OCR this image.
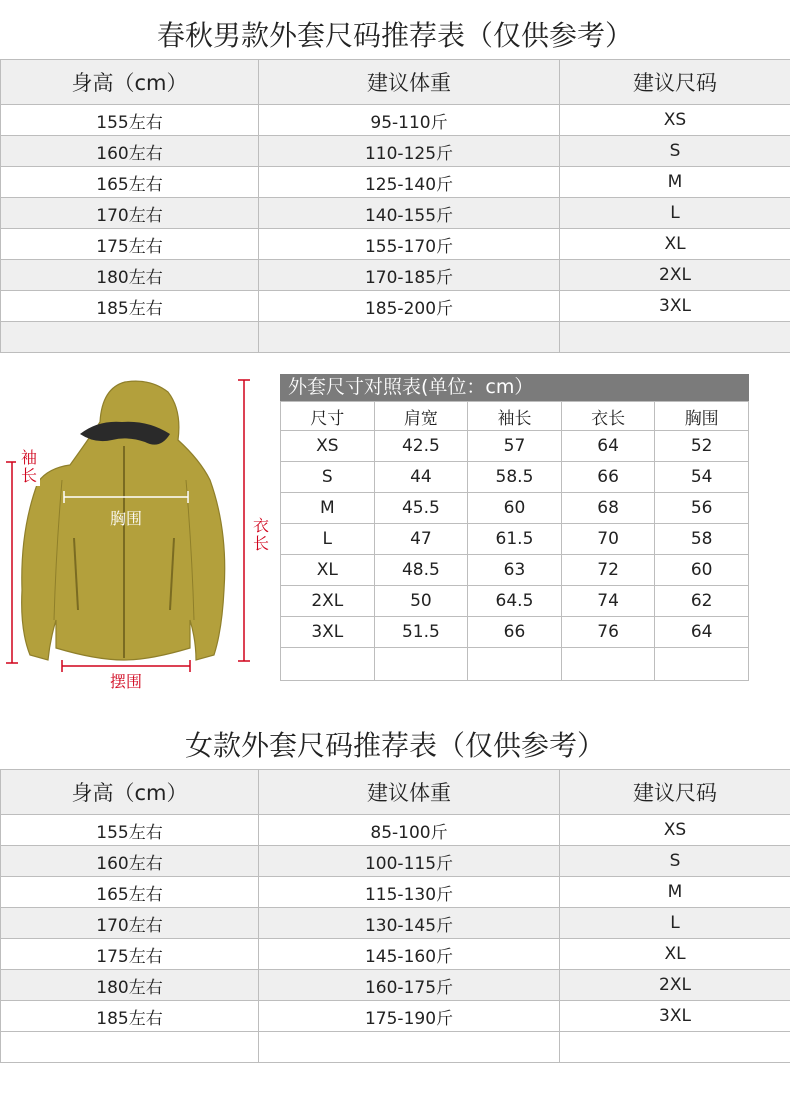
春秋男款外套尺码推荐表（仅供参考）
身高（cm）	建议体重	建议尺码
155左右	95-110斤	XS
160左右	110-125斤	S
165左右	125-140斤	M
170左右	140-155斤	L
175左右	155-170斤	XL
180左右	170-185斤	2XL
185左右	185-200斤	3XL

袖长
衣长
胸围
摆围
外套尺寸对照表(单位：cm）
尺寸	肩宽	袖长	衣长	胸围
XS	42.5	57	64	52
S	44	58.5	66	54
M	45.5	60	68	56
L	47	61.5	70	58
XL	48.5	63	72	60
2XL	50	64.5	74	62
3XL	51.5	66	76	64

女款外套尺码推荐表（仅供参考）
身高（cm）	建议体重	建议尺码
155左右	85-100斤	XS
160左右	100-115斤	S
165左右	115-130斤	M
170左右	130-145斤	L
175左右	145-160斤	XL
180左右	160-175斤	2XL
185左右	175-190斤	3XL
